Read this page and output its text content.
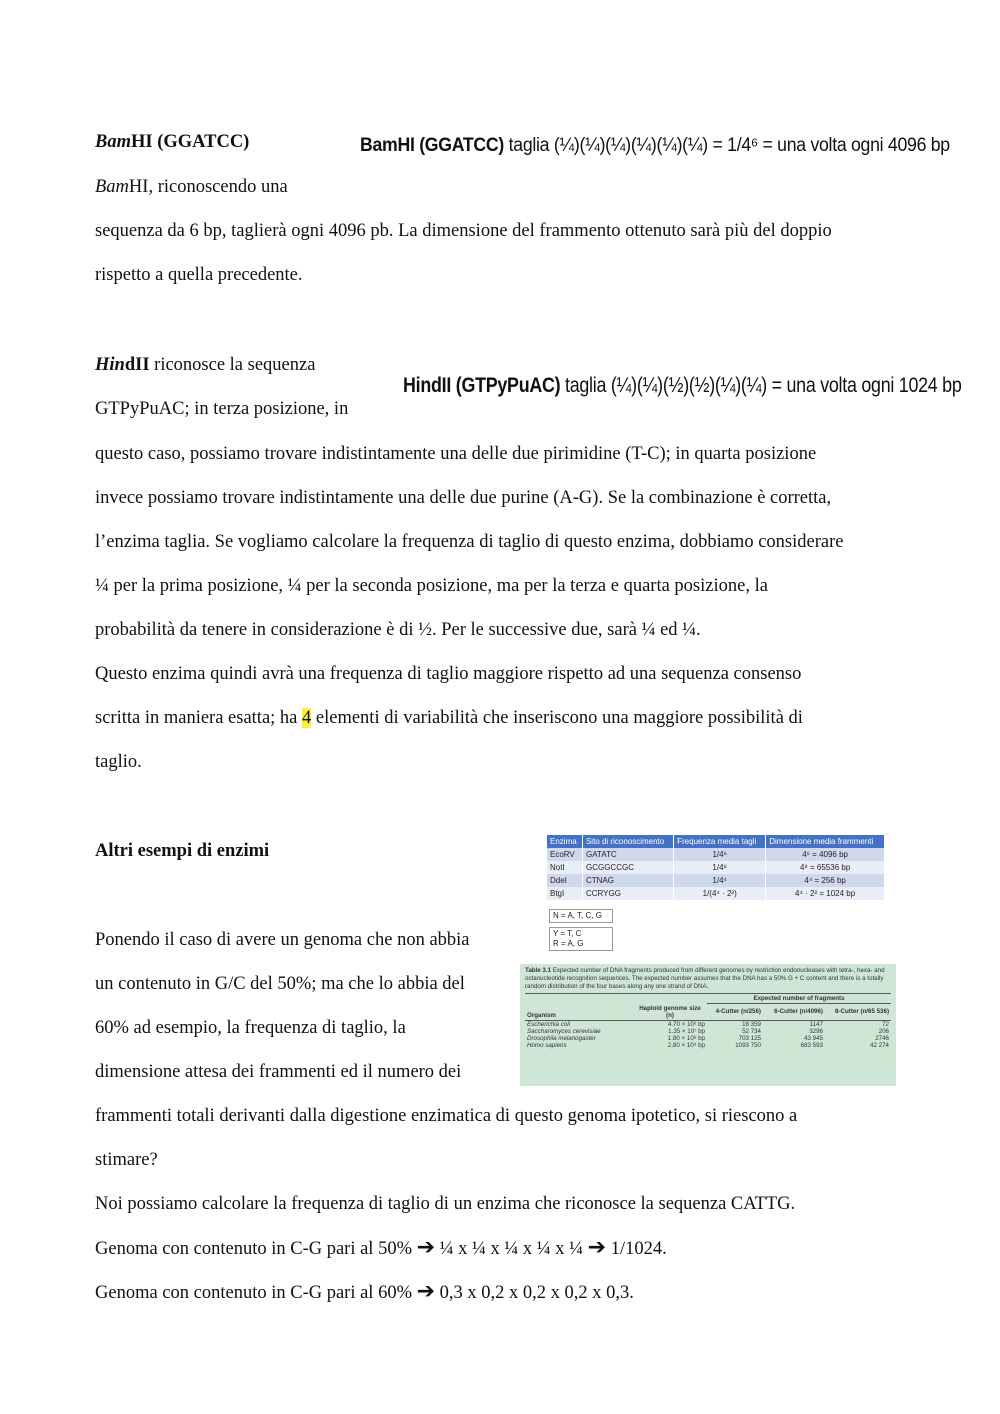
BamHI (GGATCC)	BamHI (GGATCC) taglia (¼)(¼)(¼)(¼)(¼)(¼) = 1/4⁶ = una volta ogni 4096 bp
BamHI, riconoscendo una
sequenza da 6 bp, taglierà ogni 4096 pb. La dimensione del frammento ottenuto sarà più del doppio
rispetto a quella precedente.
HindII riconosce la sequenza
GTPyPuAC; in terza posizione, in
HindII (GTPyPuAC) taglia (¼)(¼)(½)(½)(¼)(¼) = una volta ogni 1024 bp
questo caso, possiamo trovare indistintamente una delle due pirimidine (T-C); in quarta posizione
invece possiamo trovare indistintamente una delle due purine (A-G). Se la combinazione è corretta,
l’enzima taglia. Se vogliamo calcolare la frequenza di taglio di questo enzima, dobbiamo considerare
¼ per la prima posizione, ¼ per la seconda posizione, ma per la terza e quarta posizione, la
probabilità da tenere in considerazione è di ½. Per le successive due, sarà ¼ ed ¼.
Questo enzima quindi avrà una frequenza di taglio maggiore rispetto ad una sequenza consenso
scritta in maniera esatta; ha 4 elementi di variabilità che inseriscono una maggiore possibilità di
taglio.
Altri esempi di enzimi	Enzima	Sito di riconoscimento	Frequenza media tagli	Dimensione media frammenti
EcoRV	GATATC	1/4⁶	4⁶ = 4096 bp
NotI	GCGGCCGC	1/4⁸	4⁸ = 65536 bp
DdeI	CTNAG	1/4⁴	4⁴ = 256 bp
BtgI	CCRYGG	1/(4⁴ · 2²)	4⁴ · 2² = 1024 bp
N = A, T, C, G
Y = T, C
R = A, G
Table 3.1 Expected number of DNA fragments produced from different genomes by restriction endonucleases with tetra-, hexa- and octanucleotide recognition sequences. The expected number assumes that the DNA has a 50% G + C content and there is a totally random distribution of the four bases along any one strand of DNA.
		Expected number of fragments		
Organism	Haploid genome size (n)	4-Cutter (n/256)	6-Cutter (n/4096)	8-Cutter (n/65 536)
Escherichia coli	4.70 × 10⁶ bp	18 359	1147	72
Saccharomyces cerevisiae	1.35 × 10⁷ bp	52 734	3296	206
Drosophila melanogaster	1.80 × 10⁸ bp	703 125	43 945	2746
Homo sapiens	2.80 × 10⁹ bp	1093 750	683 593	42 274
Ponendo il caso di avere un genoma che non abbia
un contenuto in G/C del 50%; ma che lo abbia del
60% ad esempio, la frequenza di taglio, la
dimensione attesa dei frammenti ed il numero dei
frammenti totali derivanti dalla digestione enzimatica di questo genoma ipotetico, si riescono a
stimare?
Noi possiamo calcolare la frequenza di taglio di un enzima che riconosce la sequenza CATTG.
Genoma con contenuto in C-G pari al 50% ➔ ¼ x ¼ x ¼ x ¼ x ¼ ➔ 1/1024.
Genoma con contenuto in C-G pari al 60% ➔ 0,3 x 0,2 x 0,2 x 0,2 x 0,3.
